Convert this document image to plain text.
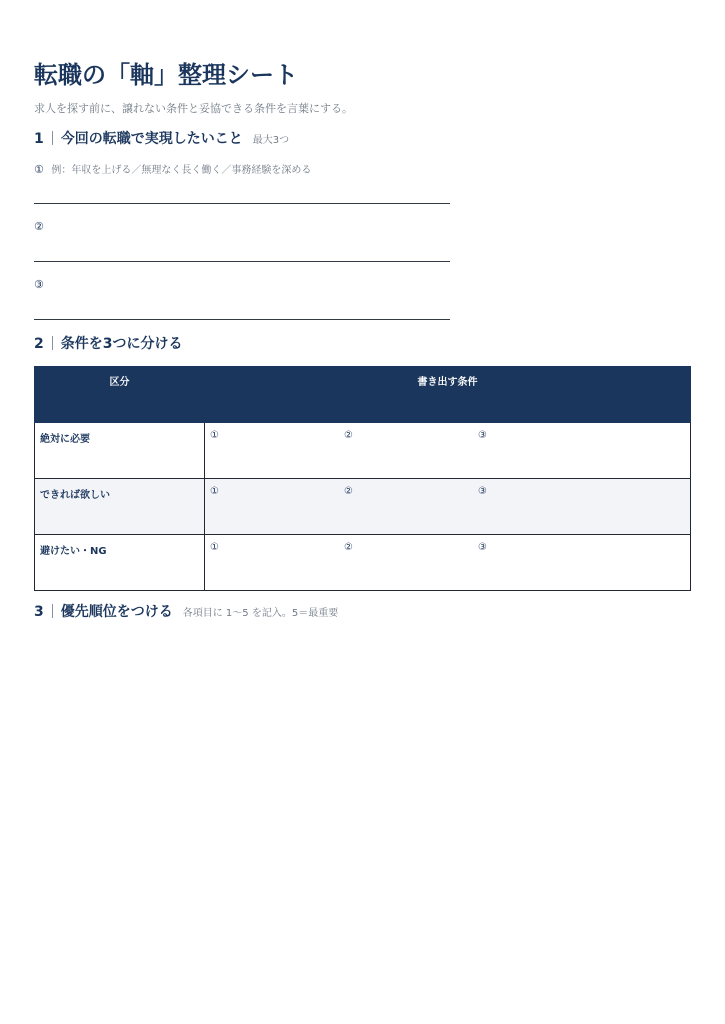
転職の「軸」整理シート
求人を探す前に、譲れない条件と妥協できる条件を言葉にする。
1 今回の転職で実現したいこと 最大3つ
① 例：年収を上げる／無理なく長く働く／事務経験を深める
②
③
2 条件を3つに分ける
区分	書き出す条件
絶対に必要	① ② ③

できれば欲しい	① ② ③

避けたい・NG	① ② ③
3 優先順位をつける 各項目に 1〜5 を記入。5＝最重要
